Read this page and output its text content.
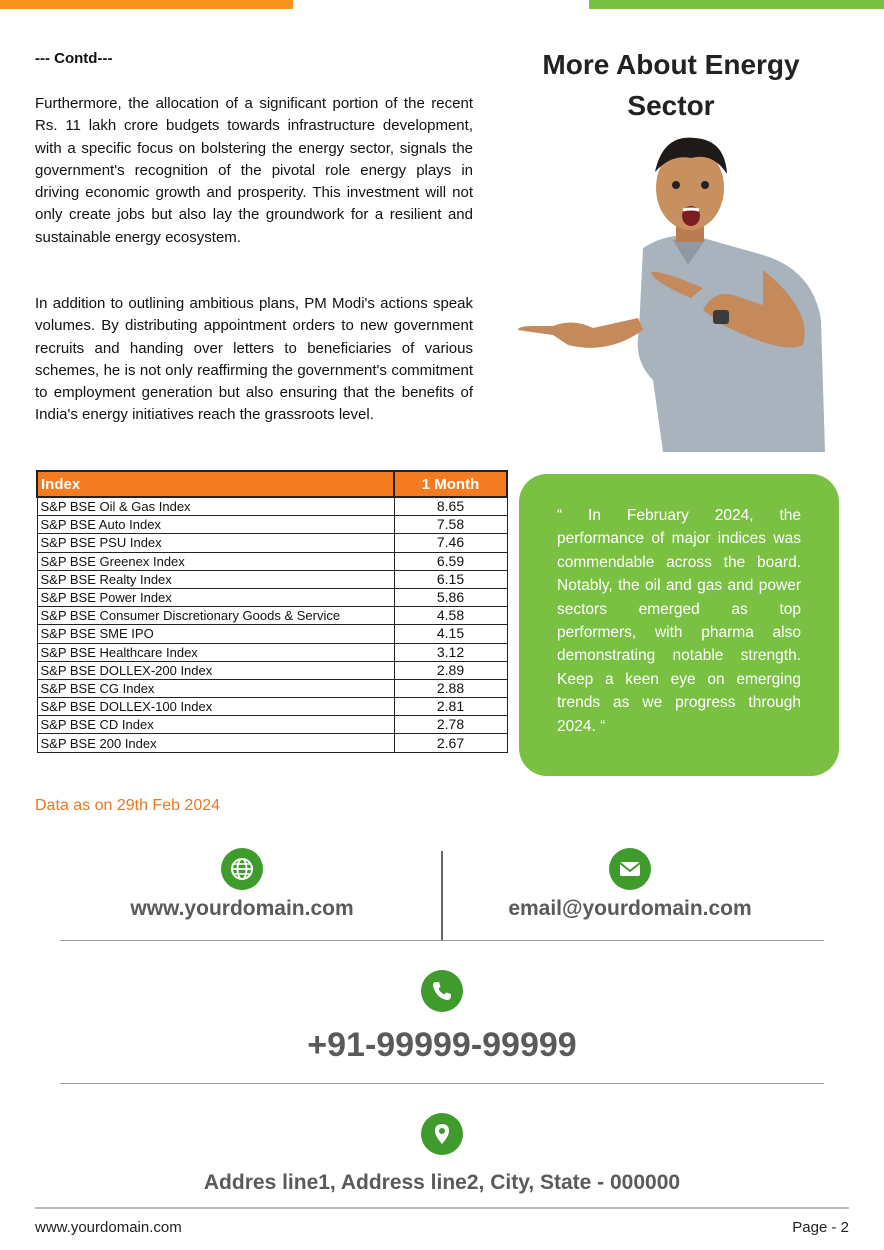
--- Contd---

Furthermore, the allocation of a significant portion of the recent Rs. 11 lakh crore budgets towards infrastructure development, with a specific focus on bolstering the energy sector, signals the government's recognition of the pivotal role energy plays in driving economic growth and prosperity. This investment will not only create jobs but also lay the groundwork for a resilient and sustainable energy ecosystem.

In addition to outlining ambitious plans, PM Modi's actions speak volumes. By distributing appointment orders to new government recruits and handing over letters to beneficiaries of various schemes, he is not only reaffirming the government's commitment to employment generation but also ensuring that the benefits of India's energy initiatives reach the grassroots level.

More About Energy Sector
Index	1 Month
S&P BSE Oil & Gas Index	8.65
S&P BSE Auto Index	7.58
S&P BSE PSU Index	7.46
S&P BSE Greenex Index	6.59
S&P BSE Realty Index	6.15
S&P BSE Power Index	5.86
S&P BSE Consumer Discretionary Goods & Service	4.58
S&P BSE SME IPO	4.15
S&P BSE Healthcare Index	3.12
S&P BSE DOLLEX-200 Index	2.89
S&P BSE CG Index	2.88
S&P BSE DOLLEX-100 Index	2.81
S&P BSE CD Index	2.78
S&P BSE 200 Index	2.67
Data as on 29th Feb 2024

“ In February 2024, the performance of major indices was commendable across the board. Notably, the oil and gas and power sectors emerged as top performers, with pharma also demonstrating notable strength. Keep a keen eye on emerging trends as we progress through 2024. “

www.yourdomain.com	email@yourdomain.com
+91-99999-99999
Addres line1, Address line2, City, State - 000000
www.yourdomain.com	Page - 2
